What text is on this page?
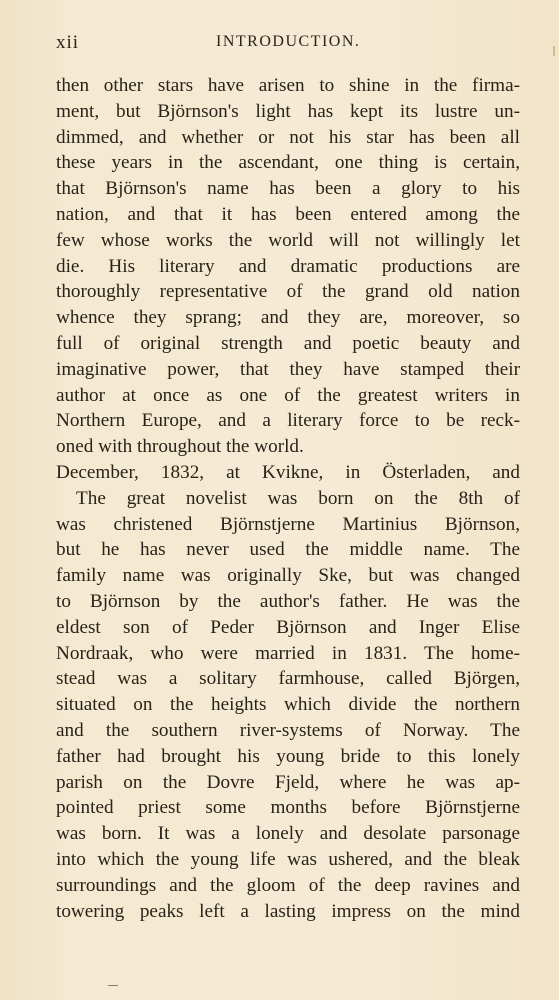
xii	INTRODUCTION.
then other stars have arisen to shine in the firma-
ment, but Björnson's light has kept its lustre un-
dimmed, and whether or not his star has been all
these years in the ascendant, one thing is certain,
that Björnson's name has been a glory to his
nation, and that it has been entered among the
few whose works the world will not willingly let
die. His literary and dramatic productions are
thoroughly representative of the grand old nation
whence they sprang; and they are, moreover, so
full of original strength and poetic beauty and
imaginative power, that they have stamped their
author at once as one of the greatest writers in
Northern Europe, and a literary force to be reck-
oned with throughout the world.
December, 1832, at Kvikne, in Österladen, and
The great novelist was born on the 8th of
was christened Björnstjerne Martinius Björnson,
but he has never used the middle name. The
family name was originally Ske, but was changed
to Björnson by the author's father. He was the
eldest son of Peder Björnson and Inger Elise
Nordraak, who were married in 1831. The home-
stead was a solitary farmhouse, called Björgen,
situated on the heights which divide the northern
and the southern river-systems of Norway. The
father had brought his young bride to this lonely
parish on the Dovre Fjeld, where he was ap-
pointed priest some months before Björnstjerne
was born. It was a lonely and desolate parsonage
into which the young life was ushered, and the bleak
surroundings and the gloom of the deep ravines and
towering peaks left a lasting impress on the mind
